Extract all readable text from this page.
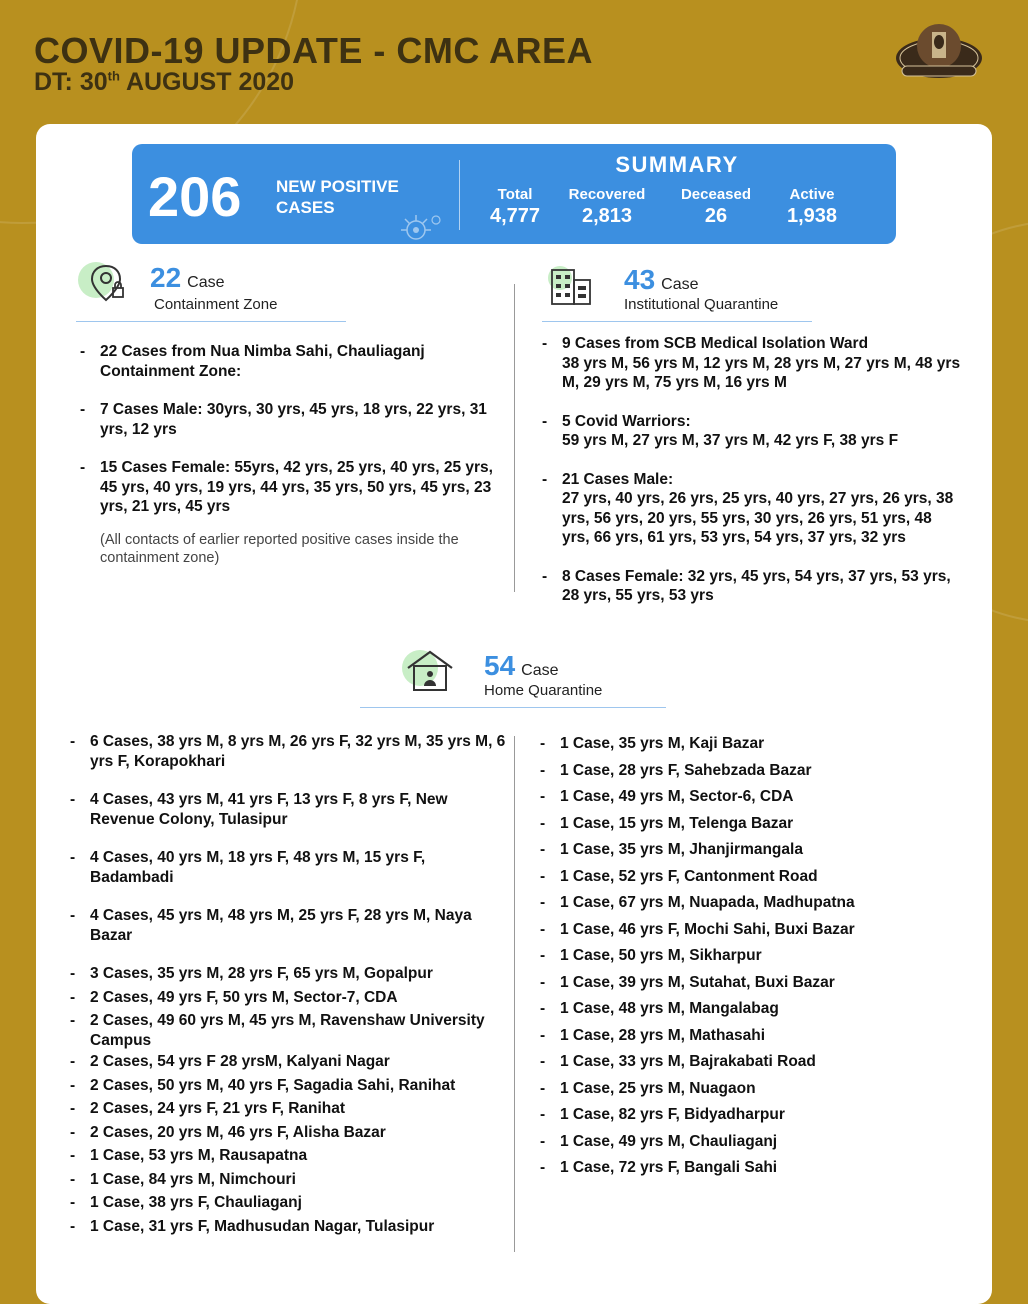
COVID-19 UPDATE - CMC AREA
DT: 30th AUGUST 2020
206 NEW POSITIVE CASES
SUMMARY
Total
4,777
Recovered
2,813
Deceased
26
Active
1,938
22 Case
Containment Zone
- 22 Cases from Nua Nimba Sahi, Chauliaganj Containment Zone:
- 7 Cases Male: 30yrs, 30 yrs, 45 yrs, 18 yrs, 22 yrs, 31 yrs, 12 yrs
- 15 Cases Female: 55yrs, 42 yrs, 25 yrs, 40 yrs, 25 yrs, 45 yrs, 40 yrs, 19 yrs, 44 yrs, 35 yrs, 50 yrs, 45 yrs, 23 yrs, 21 yrs, 45 yrs
(All contacts of earlier reported positive cases inside the containment zone)
43 Case
Institutional Quarantine
- 9 Cases from SCB Medical Isolation Ward
38 yrs M, 56 yrs M, 12 yrs M, 28 yrs M, 27 yrs M, 48 yrs M, 29 yrs M, 75 yrs M, 16 yrs M
- 5 Covid Warriors:
59 yrs M, 27 yrs M, 37 yrs M, 42 yrs F, 38 yrs F
- 21 Cases Male:
27 yrs, 40 yrs, 26 yrs, 25 yrs, 40 yrs, 27 yrs, 26 yrs, 38 yrs, 56 yrs, 20 yrs, 55 yrs, 30 yrs, 26 yrs, 51 yrs, 48 yrs, 66 yrs, 61 yrs, 53 yrs, 54 yrs, 37 yrs, 32 yrs
- 8 Cases Female: 32 yrs, 45 yrs, 54 yrs, 37 yrs, 53 yrs, 28 yrs, 55 yrs, 53 yrs
54 Case
Home Quarantine
- 6 Cases, 38 yrs M, 8 yrs M, 26 yrs F, 32 yrs M, 35 yrs M, 6 yrs F, Korapokhari
- 4 Cases, 43 yrs M, 41 yrs F, 13 yrs F, 8 yrs F, New Revenue Colony, Tulasipur
- 4 Cases, 40 yrs M, 18 yrs F, 48 yrs M, 15 yrs F, Badambadi
- 4 Cases, 45 yrs M, 48 yrs M, 25 yrs F, 28 yrs M, Naya Bazar
- 3 Cases, 35 yrs M, 28 yrs F, 65 yrs M, Gopalpur
- 2 Cases, 49 yrs F, 50 yrs M, Sector-7, CDA
- 2 Cases, 49 60 yrs M, 45 yrs M, Ravenshaw University Campus
- 2 Cases, 54 yrs F 28 yrsM, Kalyani Nagar
- 2 Cases, 50 yrs M, 40 yrs F, Sagadia Sahi, Ranihat
- 2 Cases, 24 yrs F, 21 yrs F, Ranihat
- 2 Cases, 20 yrs M, 46 yrs F, Alisha Bazar
- 1 Case, 53 yrs M, Rausapatna
- 1 Case, 84 yrs M, Nimchouri
- 1 Case, 38 yrs F, Chauliaganj
- 1 Case, 31 yrs F, Madhusudan Nagar, Tulasipur
- 1 Case, 35 yrs M, Kaji Bazar
- 1 Case, 28 yrs F, Sahebzada Bazar
- 1 Case, 49 yrs M, Sector-6, CDA
- 1 Case, 15 yrs M, Telenga Bazar
- 1 Case, 35 yrs M, Jhanjirmangala
- 1 Case, 52 yrs F, Cantonment Road
- 1 Case, 67 yrs M, Nuapada, Madhupatna
- 1 Case, 46 yrs F, Mochi Sahi, Buxi Bazar
- 1 Case, 50 yrs M, Sikharpur
- 1 Case, 39 yrs M, Sutahat, Buxi Bazar
- 1 Case, 48 yrs M, Mangalabag
- 1 Case, 28 yrs M, Mathasahi
- 1 Case, 33 yrs M, Bajrakabati Road
- 1 Case, 25 yrs M, Nuagaon
- 1 Case, 82 yrs F, Bidyadharpur
- 1 Case, 49 yrs M, Chauliaganj
- 1 Case, 72 yrs F, Bangali Sahi
